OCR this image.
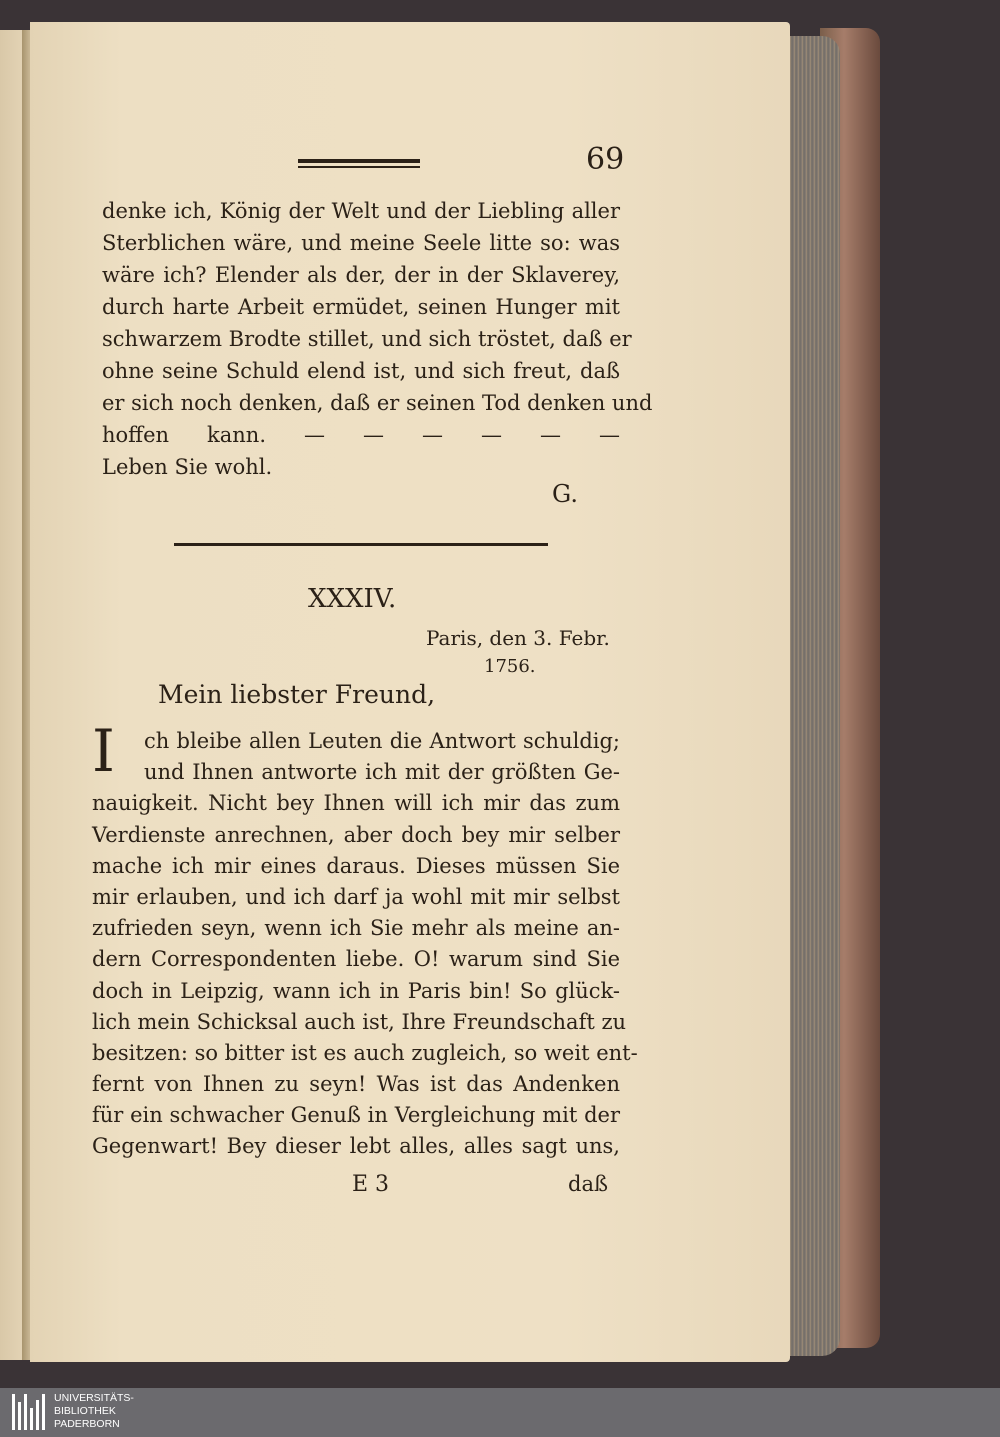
69
denke ich, König der Welt und der Liebling aller
Sterblichen wäre, und meine Seele litte so: was
wäre ich? Elender als der, der in der Sklaverey,
durch harte Arbeit ermüdet, seinen Hunger mit
schwarzem Brodte stillet, und sich tröstet, daß er
ohne seine Schuld elend ist, und sich freut, daß
er sich noch denken, daß er seinen Tod denken und
hoffen kann. — — — — — —
Leben Sie wohl.
G.
XXXIV.
Paris, den 3. Febr.
1756.
Mein liebster Freund,
I	ch bleibe allen Leuten die Antwort schuldig;
und Ihnen antworte ich mit der größten Ge-
nauigkeit. Nicht bey Ihnen will ich mir das zum
Verdienste anrechnen, aber doch bey mir selber
mache ich mir eines daraus. Dieses müssen Sie
mir erlauben, und ich darf ja wohl mit mir selbst
zufrieden seyn, wenn ich Sie mehr als meine an-
dern Correspondenten liebe. O! warum sind Sie
doch in Leipzig, wann ich in Paris bin! So glück-
lich mein Schicksal auch ist, Ihre Freundschaft zu
besitzen: so bitter ist es auch zugleich, so weit ent-
fernt von Ihnen zu seyn! Was ist das Andenken
für ein schwacher Genuß in Vergleichung mit der
Gegenwart! Bey dieser lebt alles, alles sagt uns,
E 3	daß
UNIVERSITÄTS-
BIBLIOTHEK
PADERBORN
